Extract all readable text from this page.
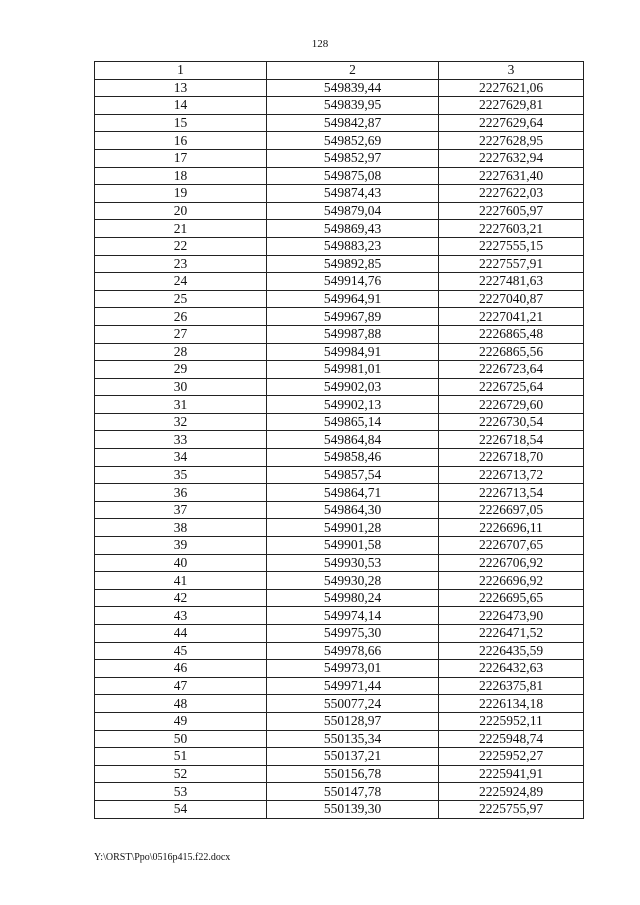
128
1	2	3
13	549839,44	2227621,06
14	549839,95	2227629,81
15	549842,87	2227629,64
16	549852,69	2227628,95
17	549852,97	2227632,94
18	549875,08	2227631,40
19	549874,43	2227622,03
20	549879,04	2227605,97
21	549869,43	2227603,21
22	549883,23	2227555,15
23	549892,85	2227557,91
24	549914,76	2227481,63
25	549964,91	2227040,87
26	549967,89	2227041,21
27	549987,88	2226865,48
28	549984,91	2226865,56
29	549981,01	2226723,64
30	549902,03	2226725,64
31	549902,13	2226729,60
32	549865,14	2226730,54
33	549864,84	2226718,54
34	549858,46	2226718,70
35	549857,54	2226713,72
36	549864,71	2226713,54
37	549864,30	2226697,05
38	549901,28	2226696,11
39	549901,58	2226707,65
40	549930,53	2226706,92
41	549930,28	2226696,92
42	549980,24	2226695,65
43	549974,14	2226473,90
44	549975,30	2226471,52
45	549978,66	2226435,59
46	549973,01	2226432,63
47	549971,44	2226375,81
48	550077,24	2226134,18
49	550128,97	2225952,11
50	550135,34	2225948,74
51	550137,21	2225952,27
52	550156,78	2225941,91
53	550147,78	2225924,89
54	550139,30	2225755,97
Y:\ORST\Ppo\0516p415.f22.docx
